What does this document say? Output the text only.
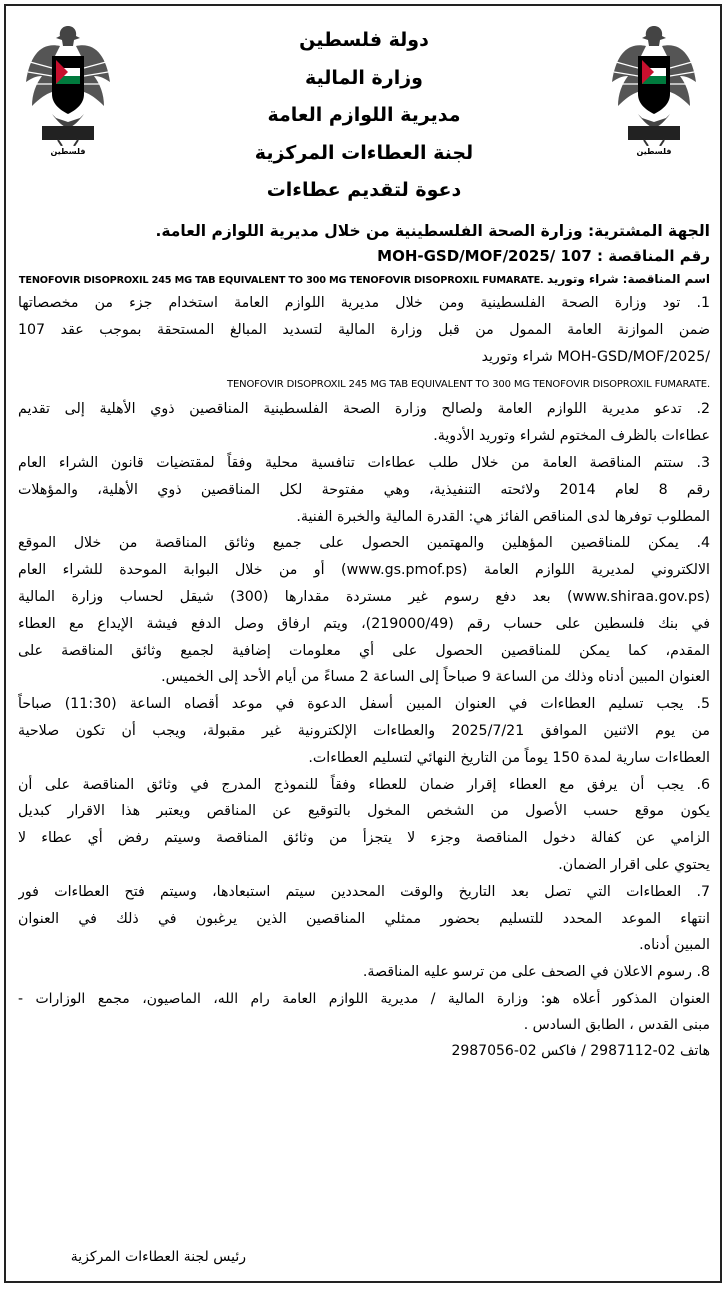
فلسطين	فلسطين
دولة فلسطين
وزارة المالية
مديرية اللوازم العامة
لجنة العطاءات المركزية
دعوة لتقديم عطاءات
الجهة المشترية: وزارة الصحة الفلسطينية من خلال مديرية اللوازم العامة.
رقم المناقصة : MOH-GSD/MOF/2025/ 107
اسم المناقصة: شراء وتوريد TENOFOVIR DISOPROXIL 245 MG TAB EQUIVALENT TO 300 MG TENOFOVIR DISOPROXIL FUMARATE.
1. تود وزارة الصحة الفلسطينية ومن خلال مديرية اللوازم العامة استخدام جزء من مخصصاتها
ضمن الموازنة العامة الممول من قبل وزارة المالية لتسديد المبالغ المستحقة بموجب عقد 107
/MOH-GSD/MOF/2025 شراء وتوريد
TENOFOVIR DISOPROXIL 245 MG TAB EQUIVALENT TO 300 MG TENOFOVIR DISOPROXIL FUMARATE.
2. تدعو مديرية اللوازم العامة ولصالح وزارة الصحة الفلسطينية المناقصين ذوي الأهلية إلى تقديم
عطاءات بالظرف المختوم لشراء وتوريد الأدوية.
3. ستتم المناقصة العامة من خلال طلب عطاءات تنافسية محلية وفقاً لمقتضيات قانون الشراء العام
رقم 8 لعام 2014 ولائحته التنفيذية، وهي مفتوحة لكل المناقصين ذوي الأهلية، والمؤهلات
المطلوب توفرها لدى المناقص الفائز هي: القدرة المالية والخبرة الفنية.
4. يمكن للمناقصين المؤهلين والمهتمين الحصول على جميع وثائق المناقصة من خلال الموقع
الالكتروني لمديرية اللوازم العامة (www.gs.pmof.ps) أو من خلال البوابة الموحدة للشراء العام
(www.shiraa.gov.ps) بعد دفع رسوم غير مستردة مقدارها (300) شيقل لحساب وزارة المالية
في بنك فلسطين على حساب رقم (219000/49)، ويتم ارفاق وصل الدفع فيشة الإيداع مع العطاء
المقدم، كما يمكن للمناقصين الحصول على أي معلومات إضافية لجميع وثائق المناقصة على
العنوان المبين أدناه وذلك من الساعة 9 صباحاً إلى الساعة 2 مساءً من أيام الأحد إلى الخميس.
5. يجب تسليم العطاءات في العنوان المبين أسفل الدعوة في موعد أقصاه الساعة (11:30) صباحاً
من يوم الاثنين الموافق 2025/7/21 والعطاءات الإلكترونية غير مقبولة، ويجب أن تكون صلاحية
العطاءات سارية لمدة 150 يوماً من التاريخ النهائي لتسليم العطاءات.
6. يجب أن يرفق مع العطاء إقرار ضمان للعطاء وفقاً للنموذج المدرج في وثائق المناقصة على أن
يكون موقع حسب الأصول من الشخص المخول بالتوقيع عن المناقص ويعتبر هذا الاقرار كبديل
الزامي عن كفالة دخول المناقصة وجزء لا يتجزأ من وثائق المناقصة وسيتم رفض أي عطاء لا
يحتوي على اقرار الضمان.
7. العطاءات التي تصل بعد التاريخ والوقت المحددين سيتم استبعادها، وسيتم فتح العطاءات فور
انتهاء الموعد المحدد للتسليم بحضور ممثلي المناقصين الذين يرغبون في ذلك في العنوان
المبين أدناه.
8. رسوم الاعلان في الصحف على من ترسو عليه المناقصة.
العنوان المذكور أعلاه هو: وزارة المالية / مديرية اللوازم العامة رام الله، الماصيون، مجمع الوزارات -
مبنى القدس ، الطابق السادس .
هاتف 02-2987112 / فاكس 02-2987056
رئيس لجنة العطاءات المركزية
